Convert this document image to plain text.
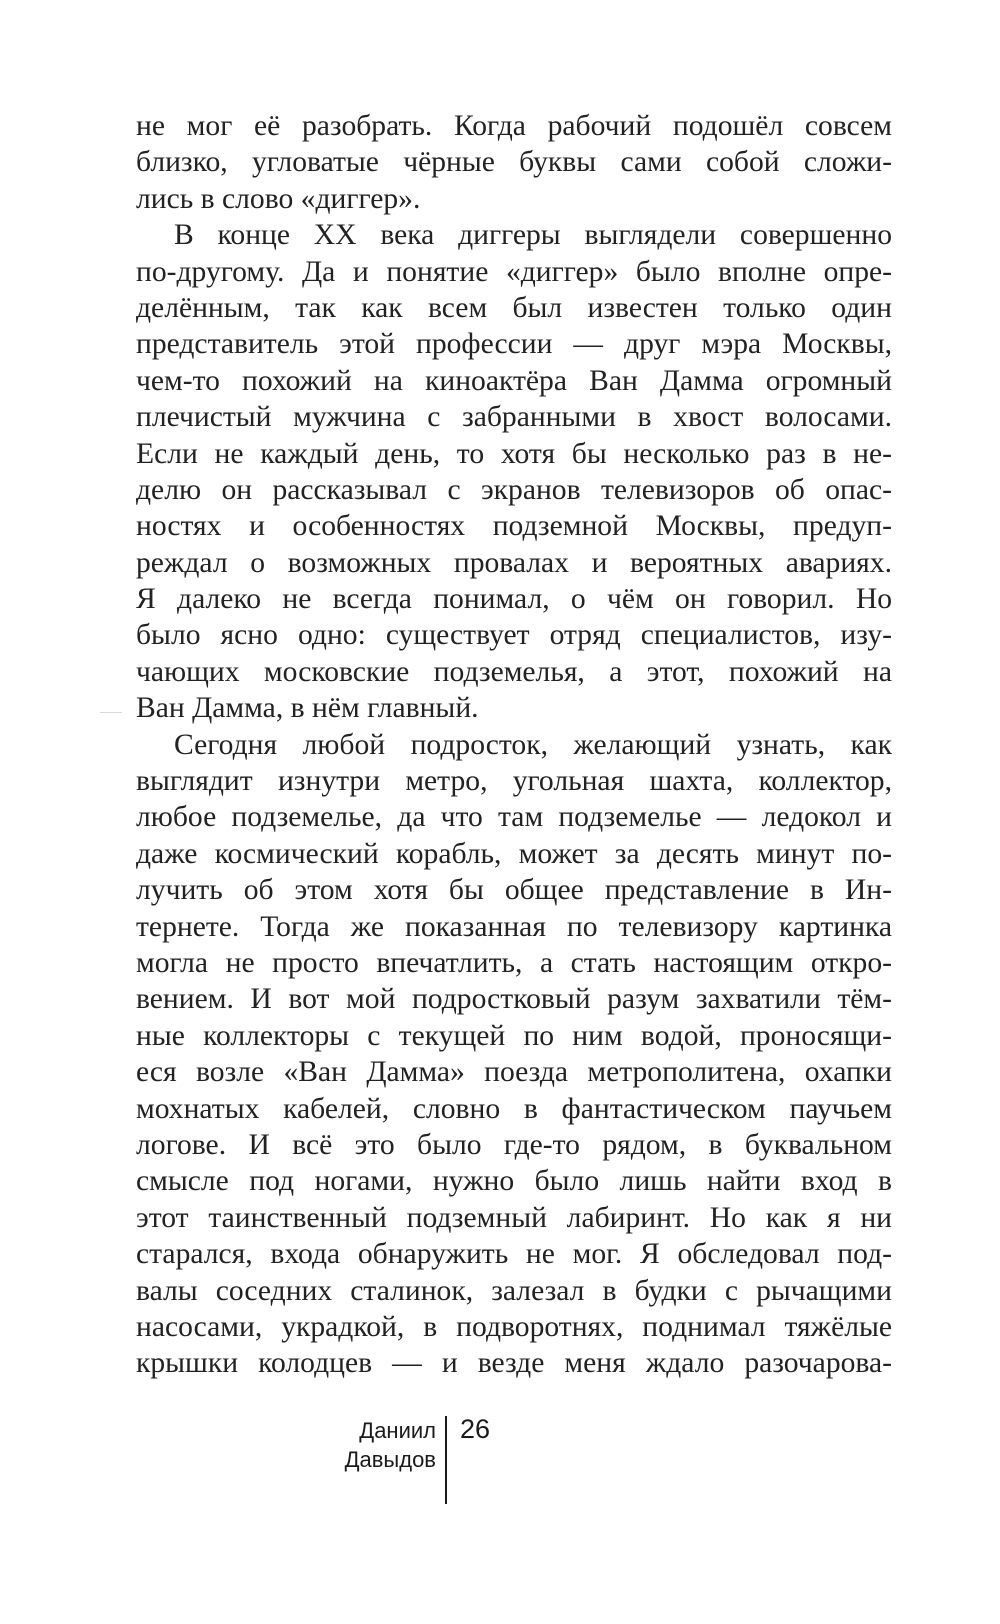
не мог её разобрать. Когда рабочий подошёл совсем
близко, угловатые чёрные буквы сами собой сложи-
лись в слово «диггер».
В конце XX века диггеры выглядели совершенно
по-другому. Да и понятие «диггер» было вполне опре-
делённым, так как всем был известен только один
представитель этой профессии — друг мэра Москвы,
чем-то похожий на киноактёра Ван Дамма огромный
плечистый мужчина с забранными в хвост волосами.
Если не каждый день, то хотя бы несколько раз в не-
делю он рассказывал с экранов телевизоров об опас-
ностях и особенностях подземной Москвы, предуп-
реждал о возможных провалах и вероятных авариях.
Я далеко не всегда понимал, о чём он говорил. Но
было ясно одно: существует отряд специалистов, изу-
чающих московские подземелья, а этот, похожий на
Ван Дамма, в нём главный.
Сегодня любой подросток, желающий узнать, как
выглядит изнутри метро, угольная шахта, коллектор,
любое подземелье, да что там подземелье — ледокол и
даже космический корабль, может за десять минут по-
лучить об этом хотя бы общее представление в Ин-
тернете. Тогда же показанная по телевизору картинка
могла не просто впечатлить, а стать настоящим откро-
вением. И вот мой подростковый разум захватили тём-
ные коллекторы с текущей по ним водой, проносящи-
еся возле «Ван Дамма» поезда метрополитена, охапки
мохнатых кабелей, словно в фантастическом паучьем
логове. И всё это было где-то рядом, в буквальном
смысле под ногами, нужно было лишь найти вход в
этот таинственный подземный лабиринт. Но как я ни
старался, входа обнаружить не мог. Я обследовал под-
валы соседних сталинок, залезал в будки с рычащими
насосами, украдкой, в подворотнях, поднимал тяжёлые
крышки колодцев — и везде меня ждало разочарова-
Даниил
Давыдов
26
